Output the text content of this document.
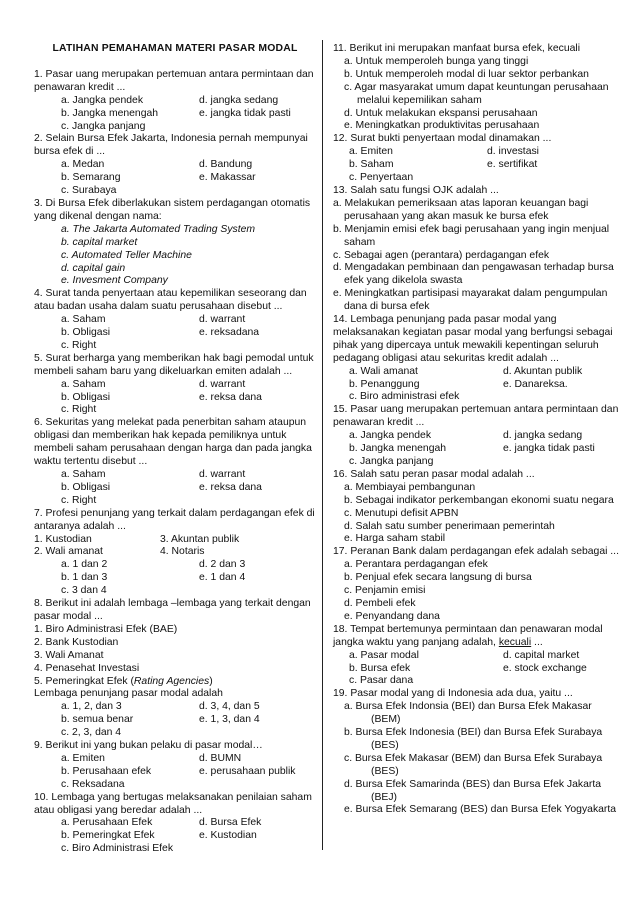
LATIHAN PEMAHAMAN MATERI PASAR MODAL
1. Pasar uang merupakan pertemuan antara permintaan dan penawaran kredit ...
a. Jangka pendek	d. jangka sedang
b. Jangka menengah	e. jangka tidak pasti
c. Jangka panjang
2. Selain Bursa Efek Jakarta, Indonesia pernah mempunyai bursa efek di ...
a. Medan	d. Bandung
b. Semarang	e. Makassar
c. Surabaya
3. Di Bursa Efek diberlakukan sistem perdagangan otomatis yang dikenal dengan nama:
a. The Jakarta Automated Trading System
b. capital market
c. Automated Teller Machine
d. capital gain
e. Invesment Company
4. Surat tanda penyertaan atau kepemilikan seseorang dan atau badan usaha dalam suatu perusahaan disebut ...
a. Saham	d. warrant
b. Obligasi	e. reksadana
c. Right
5. Surat berharga yang memberikan hak bagi pemodal untuk membeli saham baru yang dikeluarkan emiten adalah ...
a. Saham	d. warrant
b. Obligasi	e. reksa dana
c. Right
6. Sekuritas yang melekat pada penerbitan saham ataupun obligasi dan memberikan hak kepada pemiliknya untuk membeli saham perusahaan dengan harga dan pada jangka waktu tertentu disebut ...
a. Saham	d. warrant
b. Obligasi	e. reksa dana
c. Right
7. Profesi penunjang yang terkait dalam perdagangan efek di antaranya adalah ...
1. Kustodian	3. Akuntan publik
2. Wali amanat	4. Notaris
a. 1 dan 2	d. 2 dan 3
b. 1 dan 3	e. 1 dan 4
c. 3 dan 4
8. Berikut ini adalah lembaga –lembaga yang terkait dengan pasar modal ...
1. Biro Administrasi Efek (BAE)
2. Bank Kustodian
3. Wali Amanat
4. Penasehat Investasi
5. Pemeringkat Efek (Rating Agencies)
Lembaga penunjang pasar modal adalah
a. 1, 2, dan 3	d. 3, 4, dan 5
b. semua benar	e. 1, 3, dan 4
c. 2, 3, dan 4
9. Berikut ini yang bukan pelaku di pasar modal…
a. Emiten	d. BUMN
b. Perusahaan efek	e. perusahaan publik
c. Reksadana
10. Lembaga yang bertugas melaksanakan penilaian saham atau obligasi yang beredar adalah ...
a. Perusahaan Efek	d. Bursa Efek
b. Pemeringkat Efek	e. Kustodian
c. Biro Administrasi Efek
11. Berikut ini merupakan manfaat bursa efek, kecuali
a. Untuk memperoleh bunga yang tinggi
b. Untuk memperoleh modal di luar sektor perbankan
c. Agar masyarakat umum dapat keuntungan perusahaan melalui kepemilikan saham
d. Untuk melakukan ekspansi perusahaan
e. Meningkatkan produktivitas perusahaan
12. Surat bukti penyertaan modal dinamakan ...
a. Emiten	d. investasi
b. Saham	e. sertifikat
c. Penyertaan
13. Salah satu fungsi OJK adalah ...
a. Melakukan pemeriksaan atas laporan keuangan bagi perusahaan yang akan masuk ke bursa efek
b. Menjamin emisi efek bagi perusahaan yang ingin menjual saham
c. Sebagai agen (perantara) perdagangan efek
d. Mengadakan pembinaan dan pengawasan terhadap bursa efek yang dikelola swasta
e. Meningkatkan partisipasi mayarakat dalam pengumpulan dana di bursa efek
14. Lembaga penunjang pada pasar modal yang melaksanakan kegiatan pasar modal yang berfungsi sebagai pihak yang dipercaya untuk mewakili kepentingan seluruh pedagang obligasi atau sekuritas kredit adalah ...
a. Wali amanat	d. Akuntan publik
b. Penanggung	e. Danareksa.
c. Biro administrasi efek
15. Pasar uang merupakan pertemuan antara permintaan dan penawaran kredit ...
a. Jangka pendek	d. jangka sedang
b. Jangka menengah	e. jangka tidak pasti
c. Jangka panjang
16. Salah satu peran pasar modal adalah ...
a. Membiayai pembangunan
b. Sebagai indikator perkembangan ekonomi suatu negara
c. Menutupi defisit APBN
d. Salah satu sumber penerimaan pemerintah
e. Harga saham stabil
17. Peranan Bank dalam perdagangan efek adalah sebagai ...
a. Perantara perdagangan efek
b. Penjual efek secara langsung di bursa
c. Penjamin emisi
d. Pembeli efek
e. Penyandang dana
18. Tempat bertemunya permintaan dan penawaran modal jangka waktu yang panjang adalah, kecuali ...
a. Pasar modal	d. capital market
b. Bursa efek	e. stock exchange
c. Pasar dana
19. Pasar modal yang di Indonesia ada dua, yaitu ...
a. Bursa Efek Indonsia (BEI) dan Bursa Efek Makasar (BEM)
b. Bursa Efek Indonesia (BEI) dan Bursa Efek Surabaya (BES)
c. Bursa Efek Makasar (BEM) dan Bursa Efek Surabaya (BES)
d. Bursa Efek Samarinda (BES) dan Bursa Efek Jakarta (BEJ)
e. Bursa Efek Semarang (BES) dan Bursa Efek Yogyakarta
